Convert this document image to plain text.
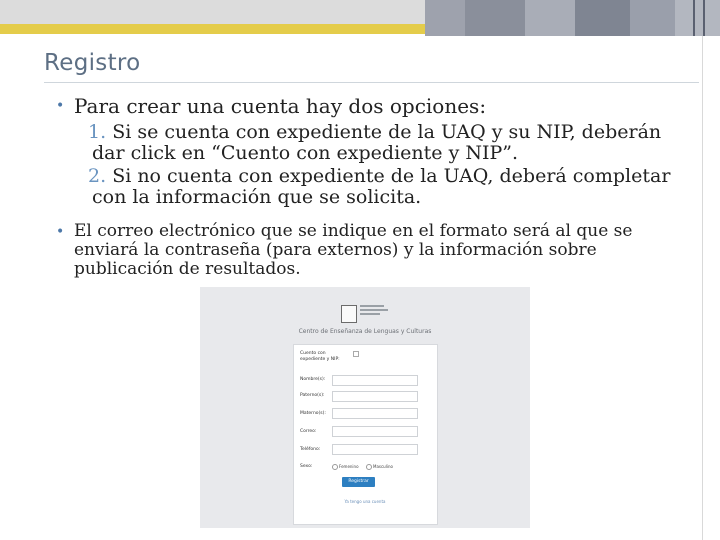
Registro
• Para crear una cuenta hay dos opciones:
1. Si se cuenta con expediente de la UAQ y su NIP, deberán
dar click en “Cuento con expediente y NIP”.
2. Si no cuenta con expediente de la UAQ, deberá completar
con la información que se solicita.
• El correo electrónico que se indique en el formato será al que se
enviará la contraseña (para externos) y la información sobre
publicación de resultados.
Centro de Enseñanza de Lenguas y Culturas
Cuento con
expediente y NIP:
Nombre(s):
Paterno(s):
Materno(s):
Correo:
Teléfono:
Sexo:	Femenino	Masculino
Registrar
Ya tengo una cuenta
